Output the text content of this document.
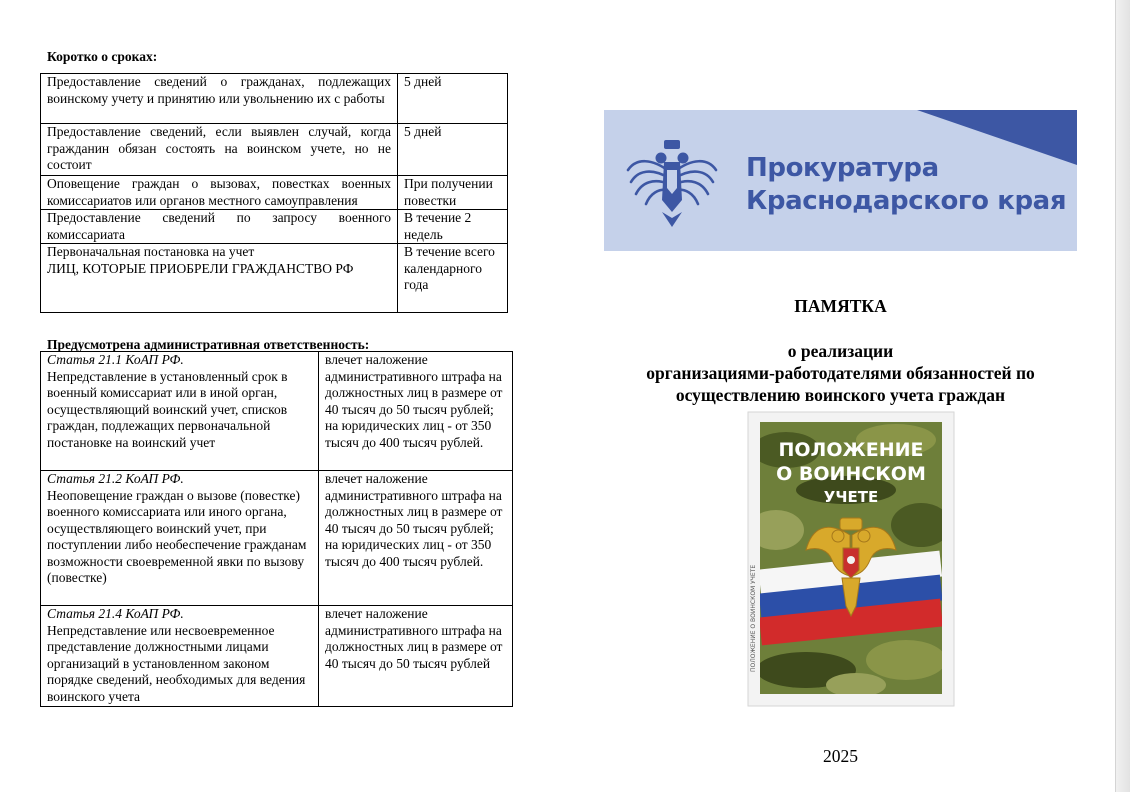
Коротко о сроках:
Предоставление сведений о гражданах, подлежащих воинскому учету и принятию или увольнению их с работы	5 дней
Предоставление сведений, если выявлен случай, когда гражданин обязан состоять на воинском учете, но не состоит	5 дней
Оповещение граждан о вызовах, повестках военных комиссариатов или органов местного самоуправления	При получении повестки
Предоставление сведений по запросу военного комиссариата	В течение 2 недель
Первоначальная постановка на учет
ЛИЦ, КОТОРЫЕ ПРИОБРЕЛИ ГРАЖДАНСТВО РФ	В течение всего календарного года
Предусмотрена административная ответственность:
Статья 21.1 КоАП РФ.
Непредставление в установленный срок в военный комиссариат или в иной орган, осуществляющий воинский учет, списков граждан, подлежащих первоначальной постановке на воинский учет	влечет наложение административного штрафа на должностных лиц в размере от 40 тысяч до 50 тысяч рублей; на юридических лиц - от 350 тысяч до 400 тысяч рублей.

Статья 21.2 КоАП РФ.
Неоповещение граждан о вызове (повестке) военного комиссариата или иного органа, осуществляющего воинский учет, при поступлении либо необеспечение гражданам возможности своевременной явки по вызову (повестке)	влечет наложение административного штрафа на должностных лиц в размере от 40 тысяч до 50 тысяч рублей; на юридических лиц - от 350 тысяч до 400 тысяч рублей.

Статья 21.4 КоАП РФ.
Непредставление или несвоевременное представление должностными лицами организаций в установленном законом порядке сведений, необходимых для ведения воинского учета	влечет наложение административного штрафа на должностных лиц в размере от 40 тысяч до 50 тысяч рублей
Прокуратура
Краснодарского края
ПАМЯТКА
о реализации
организациями-работодателями обязанностей по
осуществлению воинского учета граждан
ПОЛОЖЕНИЕ
О ВОИНСКОМ
УЧЕТЕ
ПОЛОЖЕНИЕ О ВОИНСКОМ УЧЕТЕ
2025
